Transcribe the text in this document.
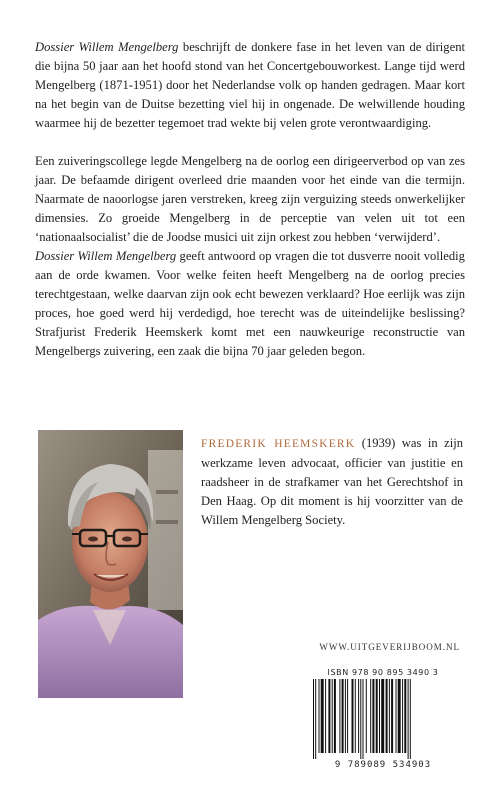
Dossier Willem Mengelberg beschrijft de donkere fase in het leven van de dirigent die bijna 50 jaar aan het hoofd stond van het Concertgebouworkest. Lange tijd werd Mengelberg (1871-1951) door het Nederlandse volk op handen gedragen. Maar kort na het begin van de Duitse bezetting viel hij in ongenade. De welwillende houding waarmee hij de bezetter tegemoet trad wekte bij velen grote verontwaardiging.

Een zuiveringscollege legde Mengelberg na de oorlog een dirigeerverbod op van zes jaar. De befaamde dirigent overleed drie maanden voor het einde van die termijn. Naarmate de naoorlogse jaren verstreken, kreeg zijn verguizing steeds onwerkelijker dimensies. Zo groeide Mengelberg in de perceptie van velen uit tot een ‘nationaalsocialist’ die de Joodse musici uit zijn orkest zou hebben ‘verwijderd’.

Dossier Willem Mengelberg geeft antwoord op vragen die tot dusverre nooit volledig aan de orde kwamen. Voor welke feiten heeft Mengelberg na de oorlog precies terechtgestaan, welke daarvan zijn ook echt bewezen verklaard? Hoe eerlijk was zijn proces, hoe goed werd hij verdedigd, hoe terecht was de uiteindelijke beslissing? Strafjurist Frederik Heemskerk komt met een nauwkeurige reconstructie van Mengelbergs zuivering, een zaak die bijna 70 jaar geleden begon.

FREDERIK HEEMSKERK (1939) was in zijn werkzame leven advocaat, officier van justitie en raadsheer in de strafkamer van het Gerechtshof in Den Haag. Op dit moment is hij voorzitter van de Willem Mengelberg Society.
WWW.UITGEVERIJBOOM.NL
ISBN 978 90 895 3490 3
9 789089 534903
